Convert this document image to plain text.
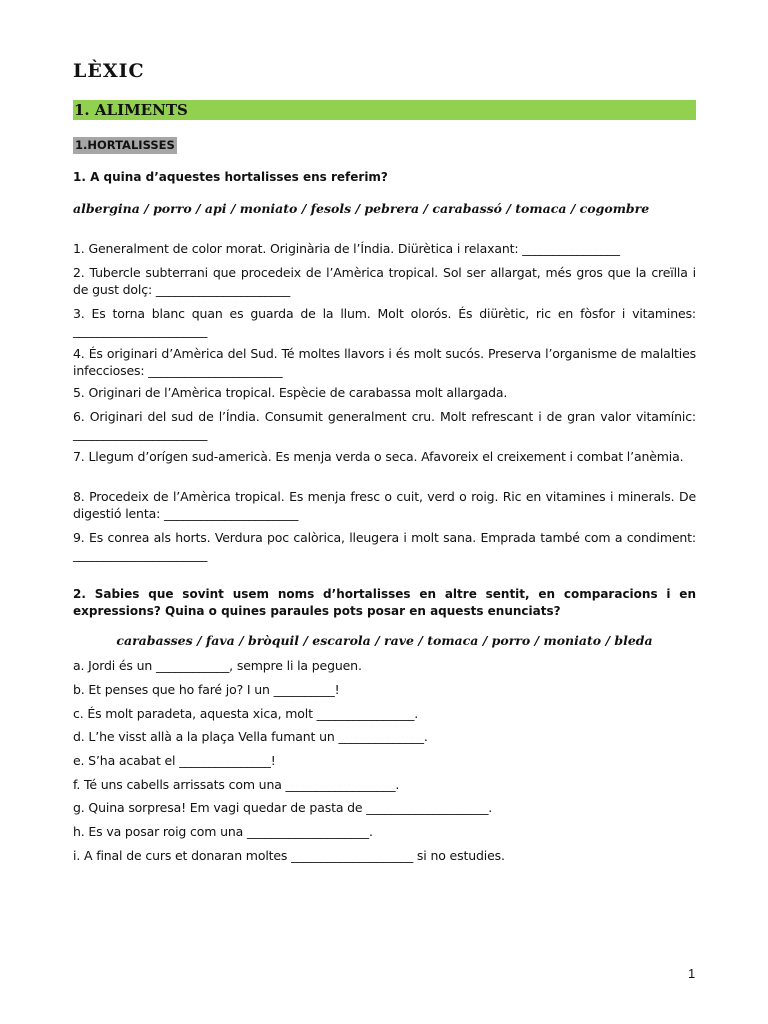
LÈXIC
1. ALIMENTS
1.HORTALISSES
1. A quina d’aquestes hortalisses ens referim?
albergina / porro / api / moniato / fesols / pebrera / carabassó / tomaca / cogombre
1. Generalment de color morat. Originària de l’Índia. Diürètica i relaxant: ________________
2. Tubercle subterrani que procedeix de l’Amèrica tropical. Sol ser allargat, més gros que la creïlla i de gust dolç: ______________________
3. Es torna blanc quan es guarda de la llum. Molt olorós. És diürètic, ric en fòsfor i vitamines: ______________________
4. És originari d’Amèrica del Sud. Té moltes llavors i és molt sucós. Preserva l’organisme de malalties infeccioses: ______________________
5. Originari de l’Amèrica tropical. Espècie de carabassa molt allargada.
6. Originari del sud de l’Índia. Consumit generalment cru. Molt refrescant i de gran valor vitamínic: ______________________
7. Llegum d’orígen sud-americà. Es menja verda o seca. Afavoreix el creixement i combat l’anèmia.
8. Procedeix de l’Amèrica tropical. Es menja fresc o cuit, verd o roig. Ric en vitamines i minerals. De digestió lenta: ______________________
9. Es conrea als horts. Verdura poc calòrica, lleugera i molt sana. Emprada també com a condiment: ______________________
2. Sabies que sovint usem noms d’hortalisses en altre sentit, en comparacions i en expressions? Quina o quines paraules pots posar en aquests enunciats?
carabasses / fava / bròquil / escarola / rave / tomaca / porro / moniato / bleda
a. Jordi és un ____________, sempre li la peguen.
b. Et penses que ho faré jo? I un __________!
c. És molt paradeta, aquesta xica, molt ________________.
d. L’he visst allà a la plaça Vella fumant un ______________.
e. S’ha acabat el _______________!
f. Té uns cabells arrissats com una __________________.
g. Quina sorpresa! Em vagi quedar de pasta de ____________________.
h. Es va posar roig com una ____________________.
i. A final de curs et donaran moltes ____________________ si no estudies.
1
